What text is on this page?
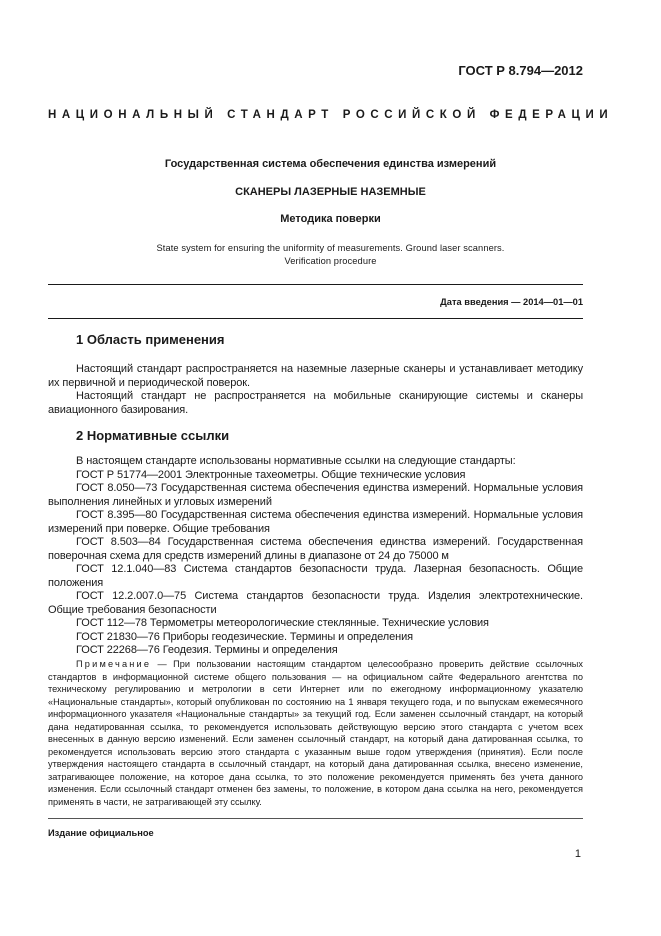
ГОСТ Р 8.794—2012
НАЦИОНАЛЬНЫЙ СТАНДАРТ РОССИЙСКОЙ ФЕДЕРАЦИИ
Государственная система обеспечения единства измерений
СКАНЕРЫ ЛАЗЕРНЫЕ НАЗЕМНЫЕ
Методика поверки
State system for ensuring the uniformity of measurements. Ground laser scanners.
Verification procedure
Дата введения — 2014—01—01
1 Область применения
Настоящий стандарт распространяется на наземные лазерные сканеры и устанавливает методику их первичной и периодической поверок.
Настоящий стандарт не распространяется на мобильные сканирующие системы и сканеры авиационного базирования.
2 Нормативные ссылки
В настоящем стандарте использованы нормативные ссылки на следующие стандарты:
ГОСТ Р 51774—2001 Электронные тахеометры. Общие технические условия
ГОСТ 8.050—73 Государственная система обеспечения единства измерений. Нормальные условия выполнения линейных и угловых измерений
ГОСТ 8.395—80 Государственная система обеспечения единства измерений. Нормальные условия измерений при поверке. Общие требования
ГОСТ 8.503—84 Государственная система обеспечения единства измерений. Государственная поверочная схема для средств измерений длины в диапазоне от 24 до 75000 м
ГОСТ 12.1.040—83 Система стандартов безопасности труда. Лазерная безопасность. Общие положения
ГОСТ 12.2.007.0—75 Система стандартов безопасности труда. Изделия электротехнические. Общие требования безопасности
ГОСТ 112—78 Термометры метеорологические стеклянные. Технические условия
ГОСТ 21830—76 Приборы геодезические. Термины и определения
ГОСТ 22268—76 Геодезия. Термины и определения
Примечание — При пользовании настоящим стандартом целесообразно проверить действие ссылочных стандартов в информационной системе общего пользования — на официальном сайте Федерального агентства по техническому регулированию и метрологии в сети Интернет или по ежегодному информационному указателю «Национальные стандарты», который опубликован по состоянию на 1 января текущего года, и по выпускам ежемесячного информационного указателя «Национальные стандарты» за текущий год. Если заменен ссылочный стандарт, на который дана недатированная ссылка, то рекомендуется использовать действующую версию этого стандарта с учетом всех внесенных в данную версию изменений. Если заменен ссылочный стандарт, на который дана датированная ссылка, то рекомендуется использовать версию этого стандарта с указанным выше годом утверждения (принятия). Если после утверждения настоящего стандарта в ссылочный стандарт, на который дана датированная ссылка, внесено изменение, затрагивающее положение, на которое дана ссылка, то это положение рекомендуется применять без учета данного изменения. Если ссылочный стандарт отменен без замены, то положение, в котором дана ссылка на него, рекомендуется применять в части, не затрагивающей эту ссылку.
Издание официальное
1
